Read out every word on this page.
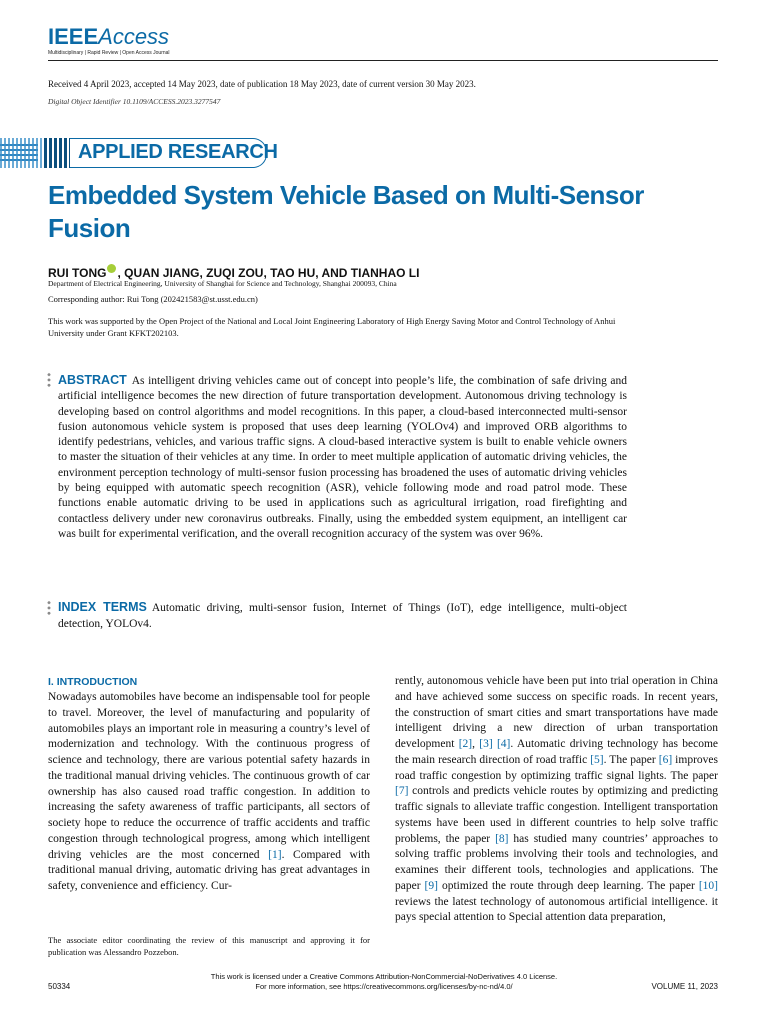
IEEEAccess
Multidisciplinary | Rapid Review | Open Access Journal
Received 4 April 2023, accepted 14 May 2023, date of publication 18 May 2023, date of current version 30 May 2023.
Digital Object Identifier 10.1109/ACCESS.2023.3277547
APPLIED RESEARCH
Embedded System Vehicle Based on Multi-Sensor Fusion
RUI TONG , QUAN JIANG, ZUQI ZOU, TAO HU, AND TIANHAO LI
Department of Electrical Engineering, University of Shanghai for Science and Technology, Shanghai 200093, China
Corresponding author: Rui Tong (202421583@st.usst.edu.cn)
This work was supported by the Open Project of the National and Local Joint Engineering Laboratory of High Energy Saving Motor and Control Technology of Anhui University under Grant KFKT202103.
ABSTRACT As intelligent driving vehicles came out of concept into people’s life, the combination of safe driving and artificial intelligence becomes the new direction of future transportation development. Autonomous driving technology is developing based on control algorithms and model recognitions. In this paper, a cloud-based interconnected multi-sensor fusion autonomous vehicle system is proposed that uses deep learning (YOLOv4) and improved ORB algorithms to identify pedestrians, vehicles, and various traffic signs. A cloud-based interactive system is built to enable vehicle owners to master the situation of their vehicles at any time. In order to meet multiple application of automatic driving vehicles, the environment perception technology of multi-sensor fusion processing has broadened the uses of automatic driving vehicles by being equipped with automatic speech recognition (ASR), vehicle following mode and road patrol mode. These functions enable automatic driving to be used in applications such as agricultural irrigation, road firefighting and contactless delivery under new coronavirus outbreaks. Finally, using the embedded system equipment, an intelligent car was built for experimental verification, and the overall recognition accuracy of the system was over 96%.
INDEX TERMS Automatic driving, multi-sensor fusion, Internet of Things (IoT), edge intelligence, multi-object detection, YOLOv4.
I. INTRODUCTION
Nowadays automobiles have become an indispensable tool for people to travel. Moreover, the level of manufacturing and popularity of automobiles plays an important role in measuring a country’s level of modernization and technology. With the continuous progress of science and technology, there are various potential safety hazards in the traditional manual driving vehicles. The continuous growth of car ownership has also caused road traffic congestion. In addition to increasing the safety awareness of traffic participants, all sectors of society hope to reduce the occurrence of traffic accidents and traffic congestion through technological progress, among which intelligent driving vehicles are the most concerned [1]. Compared with traditional manual driving, automatic driving has great advantages in safety, convenience and efficiency. Cur-
rently, autonomous vehicle have been put into trial operation in China and have achieved some success on specific roads. In recent years, the construction of smart cities and smart transportations have made intelligent driving a new direction of urban transportation development [2], [3] [4]. Automatic driving technology has become the main research direction of road traffic [5]. The paper [6] improves road traffic congestion by optimizing traffic signal lights. The paper [7] controls and predicts vehicle routes by optimizing and predicting traffic signals to alleviate traffic congestion. Intelligent transportation systems have been used in different countries to help solve traffic problems, the paper [8] has studied many countries’ approaches to solving traffic problems involving their tools and technologies, and examines their different tools, technologies and applications. The paper [9] optimized the route through deep learning. The paper [10] reviews the latest technology of autonomous artificial intelligence. it pays special attention to Special attention data preparation,
The associate editor coordinating the review of this manuscript and approving it for publication was Alessandro Pozzebon.
This work is licensed under a Creative Commons Attribution-NonCommercial-NoDerivatives 4.0 License.
For more information, see https://creativecommons.org/licenses/by-nc-nd/4.0/
50334	VOLUME 11, 2023
